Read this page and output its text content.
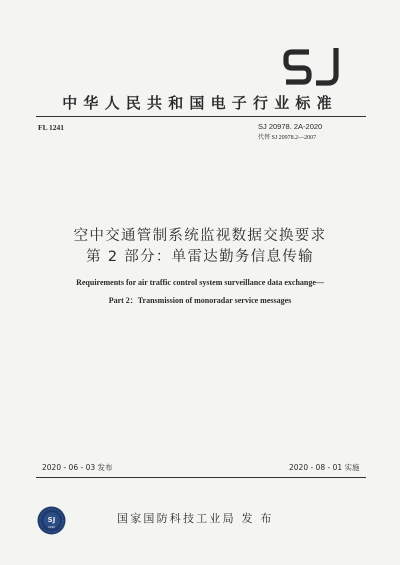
中华人民共和国电子行业标准
FL 1241	SJ 20978. 2A-2020
代替 SJ 20978.2—2007
空中交通管制系统监视数据交换要求
第 2 部分：单雷达勤务信息传输
Requirements for air traffic control system surveillance data exchange—
Part 2：Transmission of monoradar service messages
2020 - 06 - 03 发布	2020 - 08 - 01 实施
SJ
2020
国家国防科技工业局 发 布
